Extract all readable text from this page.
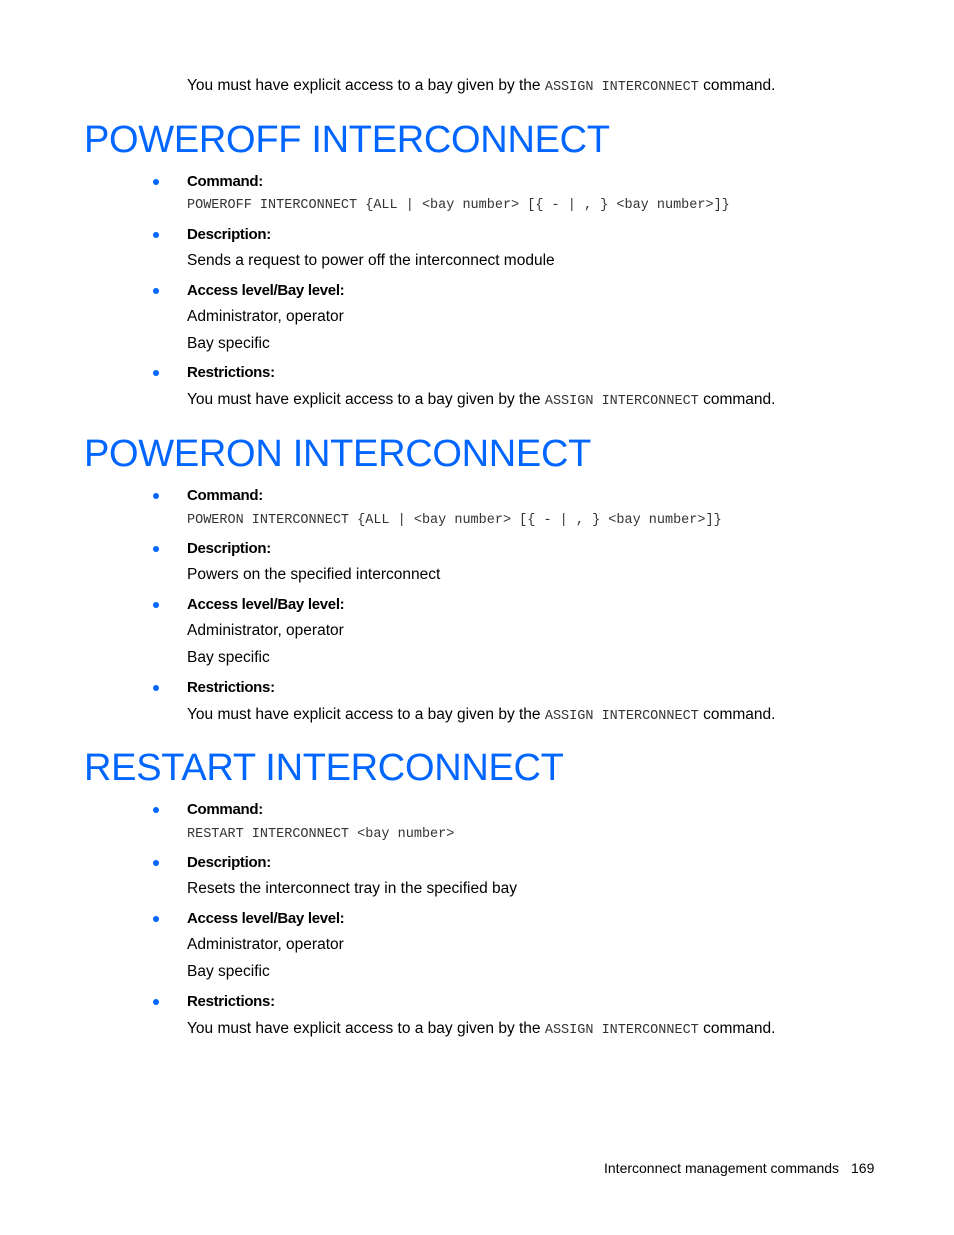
You must have explicit access to a bay given by the ASSIGN INTERCONNECT command.
POWEROFF INTERCONNECT
Command:
POWEROFF INTERCONNECT {ALL | <bay number> [{ - | , } <bay number>]}
Description:
Sends a request to power off the interconnect module
Access level/Bay level:
Administrator, operator
Bay specific
Restrictions:
You must have explicit access to a bay given by the ASSIGN INTERCONNECT command.
POWERON INTERCONNECT
Command:
POWERON INTERCONNECT {ALL | <bay number> [{ - | , } <bay number>]}
Description:
Powers on the specified interconnect
Access level/Bay level:
Administrator, operator
Bay specific
Restrictions:
You must have explicit access to a bay given by the ASSIGN INTERCONNECT command.
RESTART INTERCONNECT
Command:
RESTART INTERCONNECT <bay number>
Description:
Resets the interconnect tray in the specified bay
Access level/Bay level:
Administrator, operator
Bay specific
Restrictions:
You must have explicit access to a bay given by the ASSIGN INTERCONNECT command.
Interconnect management commands 169
